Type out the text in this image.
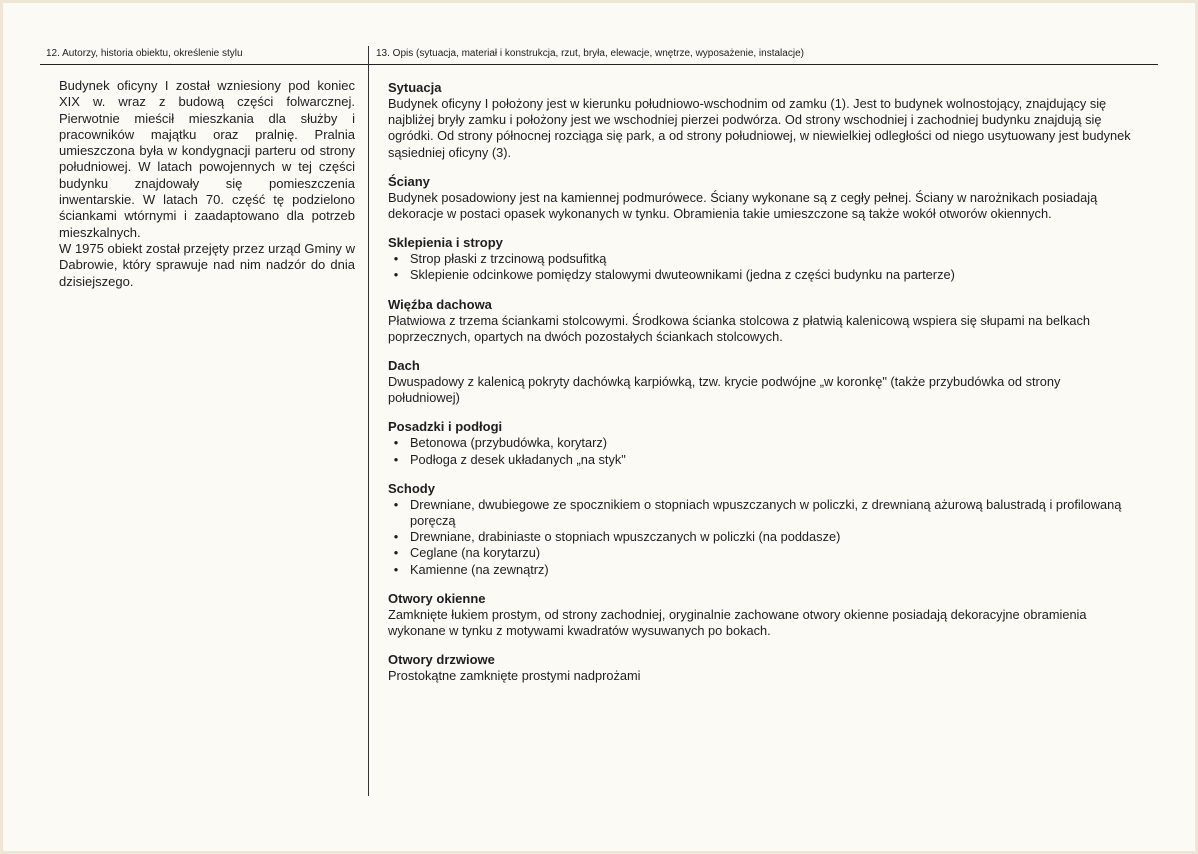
12. Autorzy, historia obiektu, określenie stylu	13. Opis (sytuacja, materiał i konstrukcja, rzut, bryła, elewacje, wnętrze, wyposażenie, instalacje)

Budynek oficyny I został wzniesiony pod koniec XIX w. wraz z budową części folwarcznej. Pierwotnie mieścił mieszkania dla służby i pracowników majątku oraz pralnię. Pralnia umieszczona była w kondygnacji parteru od strony południowej. W latach powojennych w tej części budynku znajdowały się pomieszczenia inwentarskie. W latach 70. część tę podzielono ściankami wtórnymi i zaadaptowano dla potrzeb mieszkalnych.

W 1975 obiekt został przejęty przez urząd Gminy w Dabrowie, który sprawuje nad nim nadzór do dnia dzisiejszego.

Sytuacja

Budynek oficyny I położony jest w kierunku południowo-wschodnim od zamku (1). Jest to budynek wolnostojący, znajdujący się najbliżej bryły zamku i położony jest we wschodniej pierzei podwórza. Od strony wschodniej i zachodniej budynku znajdują się ogródki. Od strony północnej rozciąga się park, a od strony południowej, w niewielkiej odległości od niego usytuowany jest budynek sąsiedniej oficyny (3).

Ściany

Budynek posadowiony jest na kamiennej podmurówece. Ściany wykonane są z cegły pełnej. Ściany w narożnikach posiadają dekoracje w postaci opasek wykonanych w tynku. Obramienia takie umieszczone są także wokół otworów okiennych.

Sklepienia i stropy

• Strop płaski z trzcinową podsufitką
• Sklepienie odcinkowe pomiędzy stalowymi dwuteownikami (jedna z części budynku na parterze)

Więźba dachowa

Płatwiowa z trzema ściankami stolcowymi. Środkowa ścianka stolcowa z płatwią kalenicową wspiera się słupami na belkach poprzecznych, opartych na dwóch pozostałych ściankach stolcowych.

Dach

Dwuspadowy z kalenicą pokryty dachówką karpiówką, tzw. krycie podwójne „w koronkę" (także przybudówka od strony południowej)

Posadzki i podłogi

• Betonowa (przybudówka, korytarz)
• Podłoga z desek układanych „na styk"

Schody

• Drewniane, dwubiegowe ze spocznikiem o stopniach wpuszczanych w policzki, z drewnianą ażurową balustradą i profilowaną poręczą
• Drewniane, drabiniaste o stopniach wpuszczanych w policzki (na poddasze)
• Ceglane (na korytarzu)
• Kamienne (na zewnątrz)

Otwory okienne

Zamknięte łukiem prostym, od strony zachodniej, oryginalnie zachowane otwory okienne posiadają dekoracyjne obramienia wykonane w tynku z motywami kwadratów wysuwanych po bokach.

Otwory drzwiowe

Prostokątne zamknięte prostymi nadprożami
